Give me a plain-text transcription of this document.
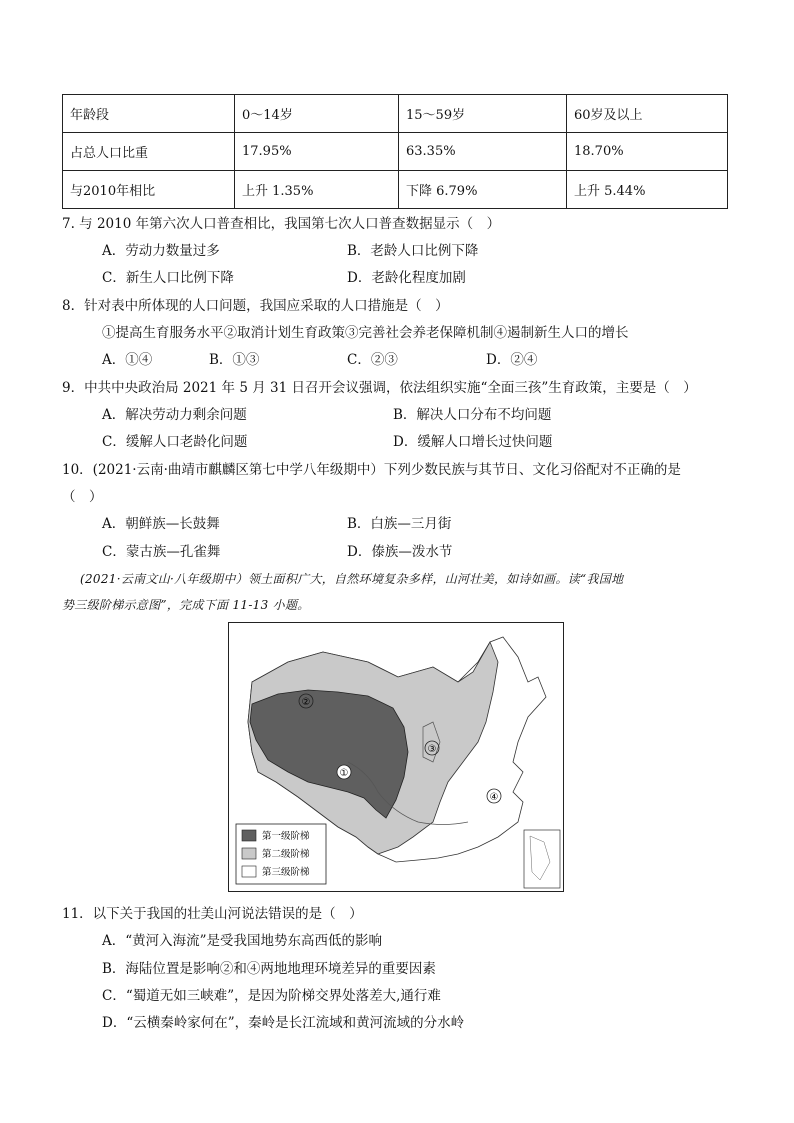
年龄段	0～14岁	15～59岁	60岁及以上
占总人口比重	17.95%	63.35%	18.70%
与2010年相比	上升 1.35%	下降 6.79%	上升 5.44%
7. 与 2010 年第六次人口普查相比，我国第七次人口普查数据显示（　）
A．劳动力数量过多	B．老龄人口比例下降
C．新生人口比例下降	D．老龄化程度加剧
8．针对表中所体现的人口问题，我国应采取的人口措施是（　）
①提高生育服务水平②取消计划生育政策③完善社会养老保障机制④遏制新生人口的增长
A．①④	B．①③	C．②③	D．②④
9．中共中央政治局 2021 年 5 月 31 日召开会议强调，依法组织实施“全面三孩”生育政策，主要是（　）
A．解决劳动力剩余问题	B．解决人口分布不均问题
C．缓解人口老龄化问题	D．缓解人口增长过快问题
10．(2021·云南·曲靖市麒麟区第七中学八年级期中）下列少数民族与其节日、文化习俗配对不正确的是
（　）
A．朝鲜族—长鼓舞	B．白族—三月街
C．蒙古族—孔雀舞	D．傣族—泼水节
(2021·云南文山·八年级期中）领土面积广大，自然环境复杂多样，山河壮美，如诗如画。读“我国地
势三级阶梯示意图”，完成下面 11-13 小题。
②
③
①
④
第一级阶梯
第二级阶梯
第三级阶梯
11．以下关于我国的壮美山河说法错误的是（　）
A．“黄河入海流”是受我国地势东高西低的影响
B．海陆位置是影响②和④两地地理环境差异的重要因素
C．“蜀道无如三峡难”，是因为阶梯交界处落差大,通行难
D．“云横秦岭家何在”，秦岭是长江流域和黄河流域的分水岭
